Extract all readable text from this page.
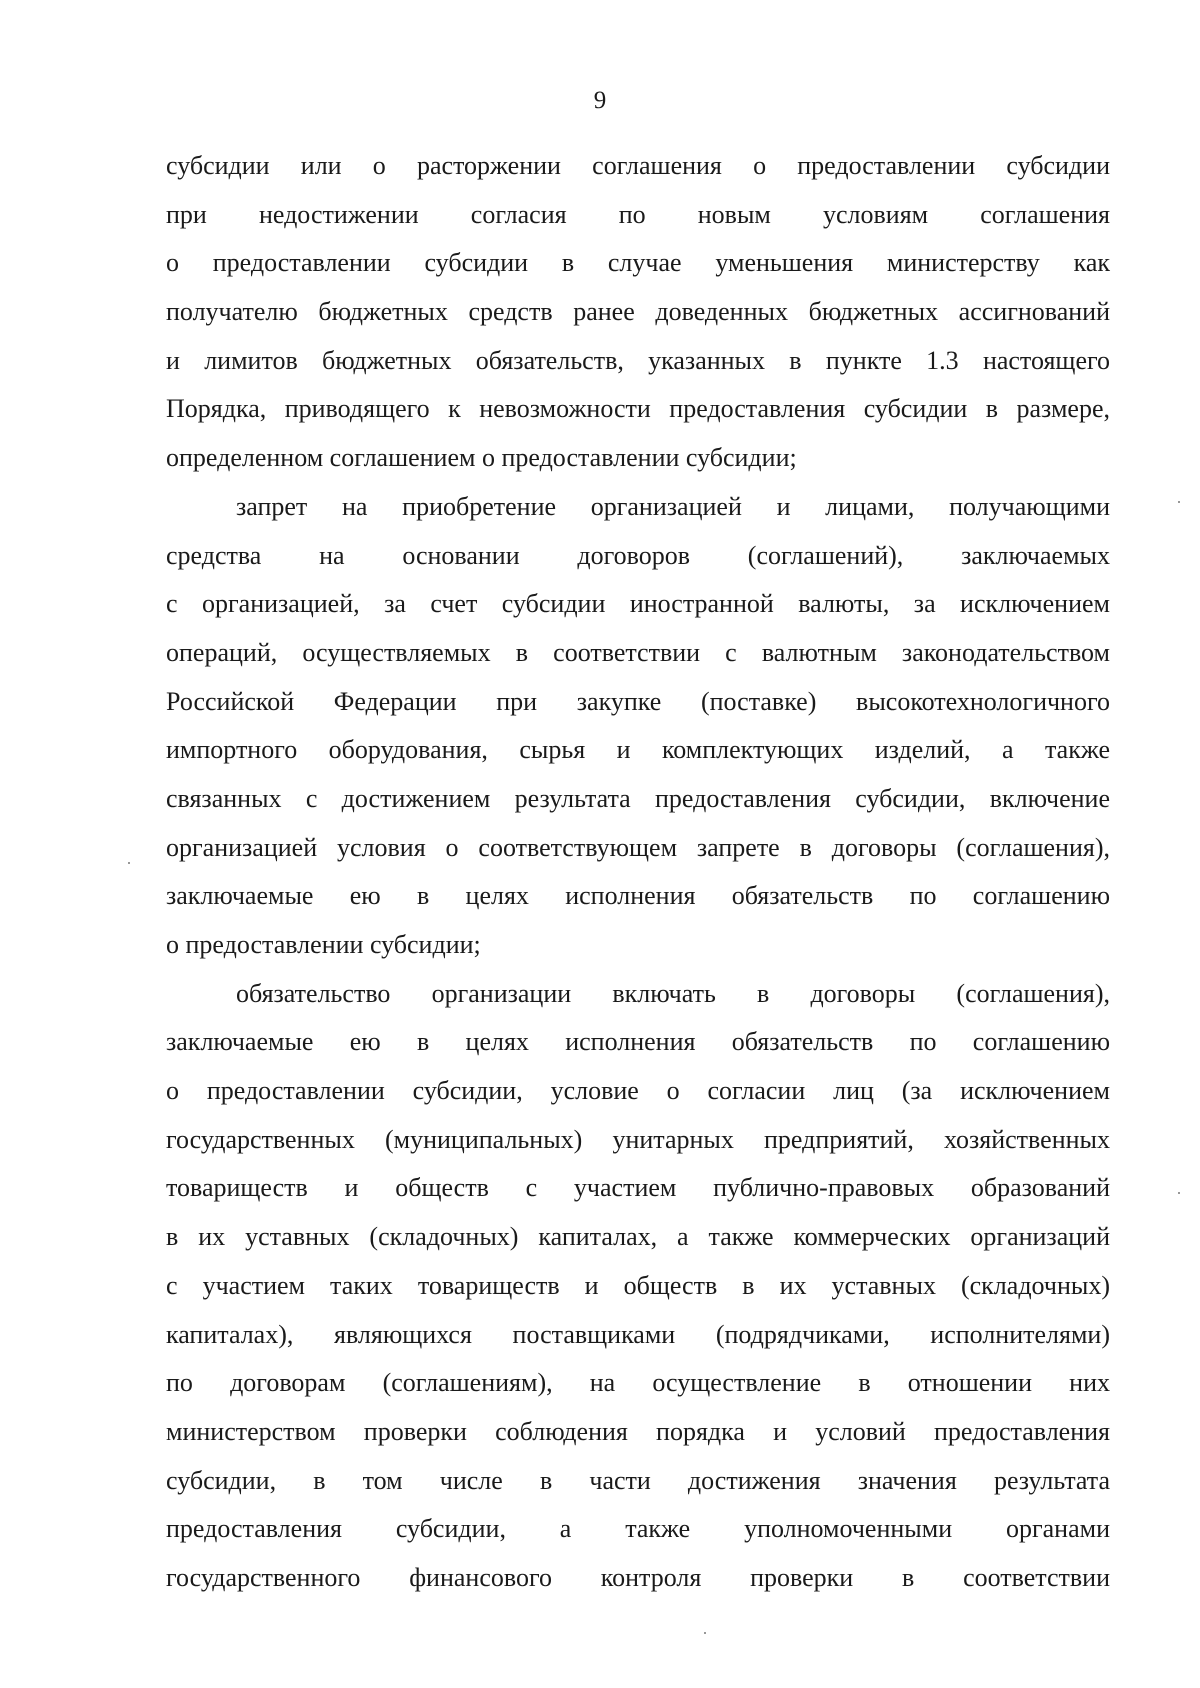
9
субсидии или о расторжении соглашения о предоставлении субсидии
при недостижении согласия по новым условиям соглашения
о предоставлении субсидии в случае уменьшения министерству как
получателю бюджетных средств ранее доведенных бюджетных ассигнований
и лимитов бюджетных обязательств, указанных в пункте 1.3 настоящего
Порядка, приводящего к невозможности предоставления субсидии в размере,
определенном соглашением о предоставлении субсидии;
запрет на приобретение организацией и лицами, получающими
средства на основании договоров (соглашений), заключаемых
с организацией, за счет субсидии иностранной валюты, за исключением
операций, осуществляемых в соответствии с валютным законодательством
Российской Федерации при закупке (поставке) высокотехнологичного
импортного оборудования, сырья и комплектующих изделий, а также
связанных с достижением результата предоставления субсидии, включение
организацией условия о соответствующем запрете в договоры (соглашения),
заключаемые ею в целях исполнения обязательств по соглашению
о предоставлении субсидии;
обязательство организации включать в договоры (соглашения),
заключаемые ею в целях исполнения обязательств по соглашению
о предоставлении субсидии, условие о согласии лиц (за исключением
государственных (муниципальных) унитарных предприятий, хозяйственных
товариществ и обществ с участием публично-правовых образований
в их уставных (складочных) капиталах, а также коммерческих организаций
с участием таких товариществ и обществ в их уставных (складочных)
капиталах), являющихся поставщиками (подрядчиками, исполнителями)
по договорам (соглашениям), на осуществление в отношении них
министерством проверки соблюдения порядка и условий предоставления
субсидии, в том числе в части достижения значения результата
предоставления субсидии, а также уполномоченными органами
государственного финансового контроля проверки в соответствии
